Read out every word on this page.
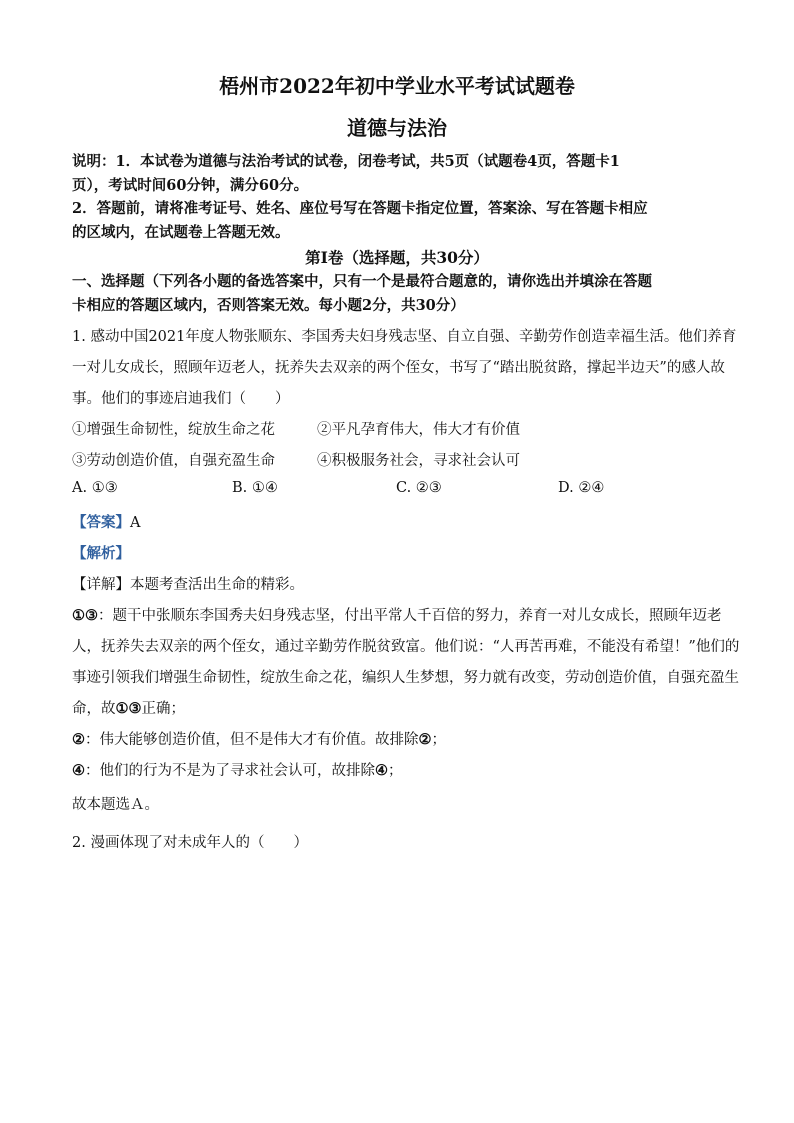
梧州市2022年初中学业水平考试试题卷
道德与法治
说明：1．本试卷为道德与法治考试的试卷，闭卷考试，共5页（试题卷4页，答题卡1
页），考试时间60分钟，满分60分。
2．答题前，请将准考证号、姓名、座位号写在答题卡指定位置，答案涂、写在答题卡相应
的区域内，在试题卷上答题无效。
第Ⅰ卷（选择题，共30分）
一、选择题（下列各小题的备选答案中，只有一个是最符合题意的，请你选出并填涂在答题
卡相应的答题区域内，否则答案无效。每小题2分，共30分）
1. 感动中国2021年度人物张顺东、李国秀夫妇身残志坚、自立自强、辛勤劳作创造幸福生活。他们养育
一对儿女成长，照顾年迈老人，抚养失去双亲的两个侄女，书写了“踏出脱贫路，撑起半边天”的感人故
事。他们的事迹启迪我们（　　）
①增强生命韧性，绽放生命之花	②平凡孕育伟大，伟大才有价值
③劳动创造价值，自强充盈生命	④积极服务社会，寻求社会认可
A. ①③	B. ①④	C. ②③	D. ②④
【答案】A
【解析】
【详解】本题考查活出生命的精彩。
①③：题干中张顺东李国秀夫妇身残志坚，付出平常人千百倍的努力，养育一对儿女成长，照顾年迈老
人，抚养失去双亲的两个侄女，通过辛勤劳作脱贫致富。他们说：“人再苦再难，不能没有希望！”他们的
事迹引领我们增强生命韧性，绽放生命之花，编织人生梦想，努力就有改变，劳动创造价值，自强充盈生
命，故①③正确；
②：伟大能够创造价值，但不是伟大才有价值。故排除②；
④：他们的行为不是为了寻求社会认可，故排除④；
故本题选Ａ。
2. 漫画体现了对未成年人的（　　）
